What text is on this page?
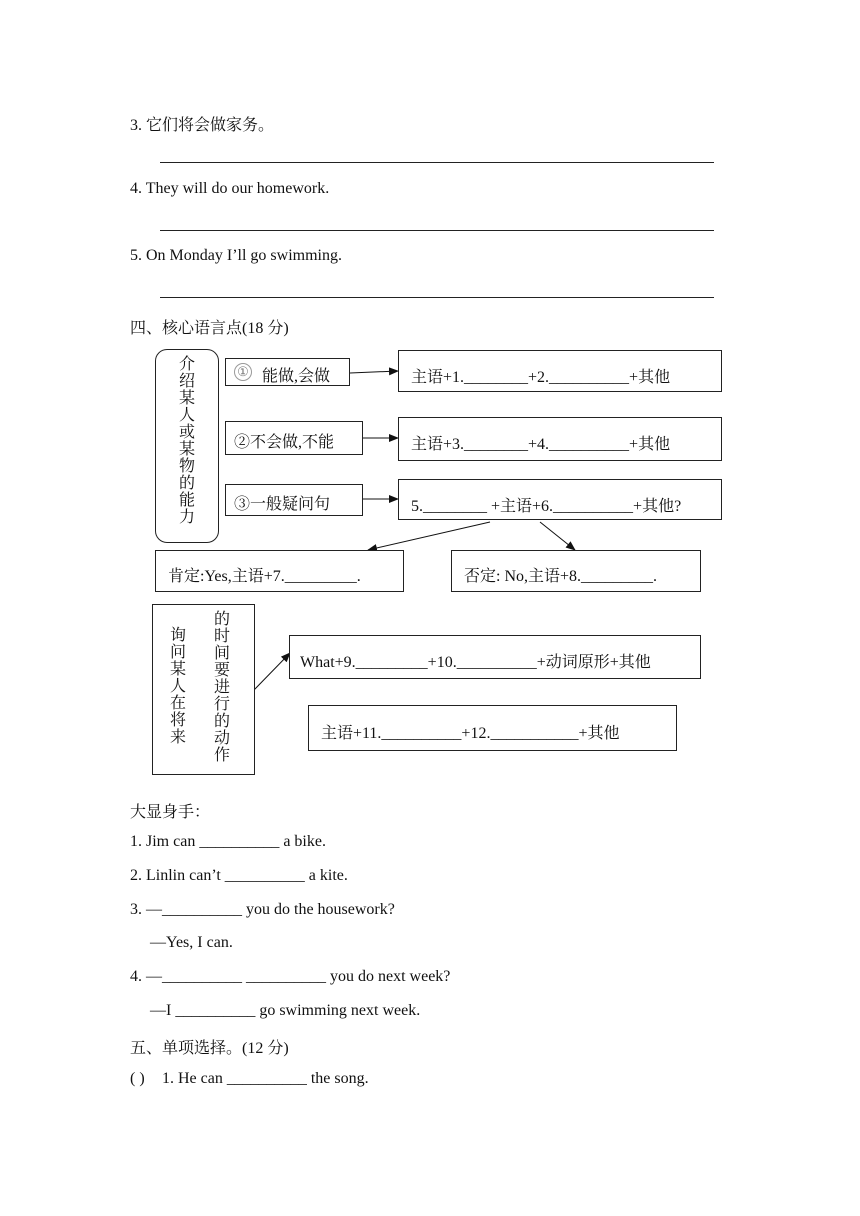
3. 它们将会做家务。
4. They will do our homework.
5. On Monday I’ll go swimming.
四、核心语言点(18 分)
介
绍
某
人
或
某
物
的
能
力
① 能做,会做	主语+1.________+2.__________+其他
②不会做,不能	主语+3.________+4.__________+其他
③一般疑问句	5.________ +主语+6.__________+其他?
肯定:Yes,主语+7._________.	否定: No,主语+8._________.
询
问
某
人
在
将
来
的
时
间
要
进
行
的
动
作
What+9._________+10.__________+动词原形+其他
主语+11.__________+12.___________+其他
大显身手：
1. Jim can __________ a bike.
2. Linlin can’t __________ a kite.
3. —__________ you do the housework?
—Yes, I can.
4. —__________ __________ you do next week?
—I __________ go swimming next week.
五、单项选择。(12 分)
( ) 1. He can __________ the song.
